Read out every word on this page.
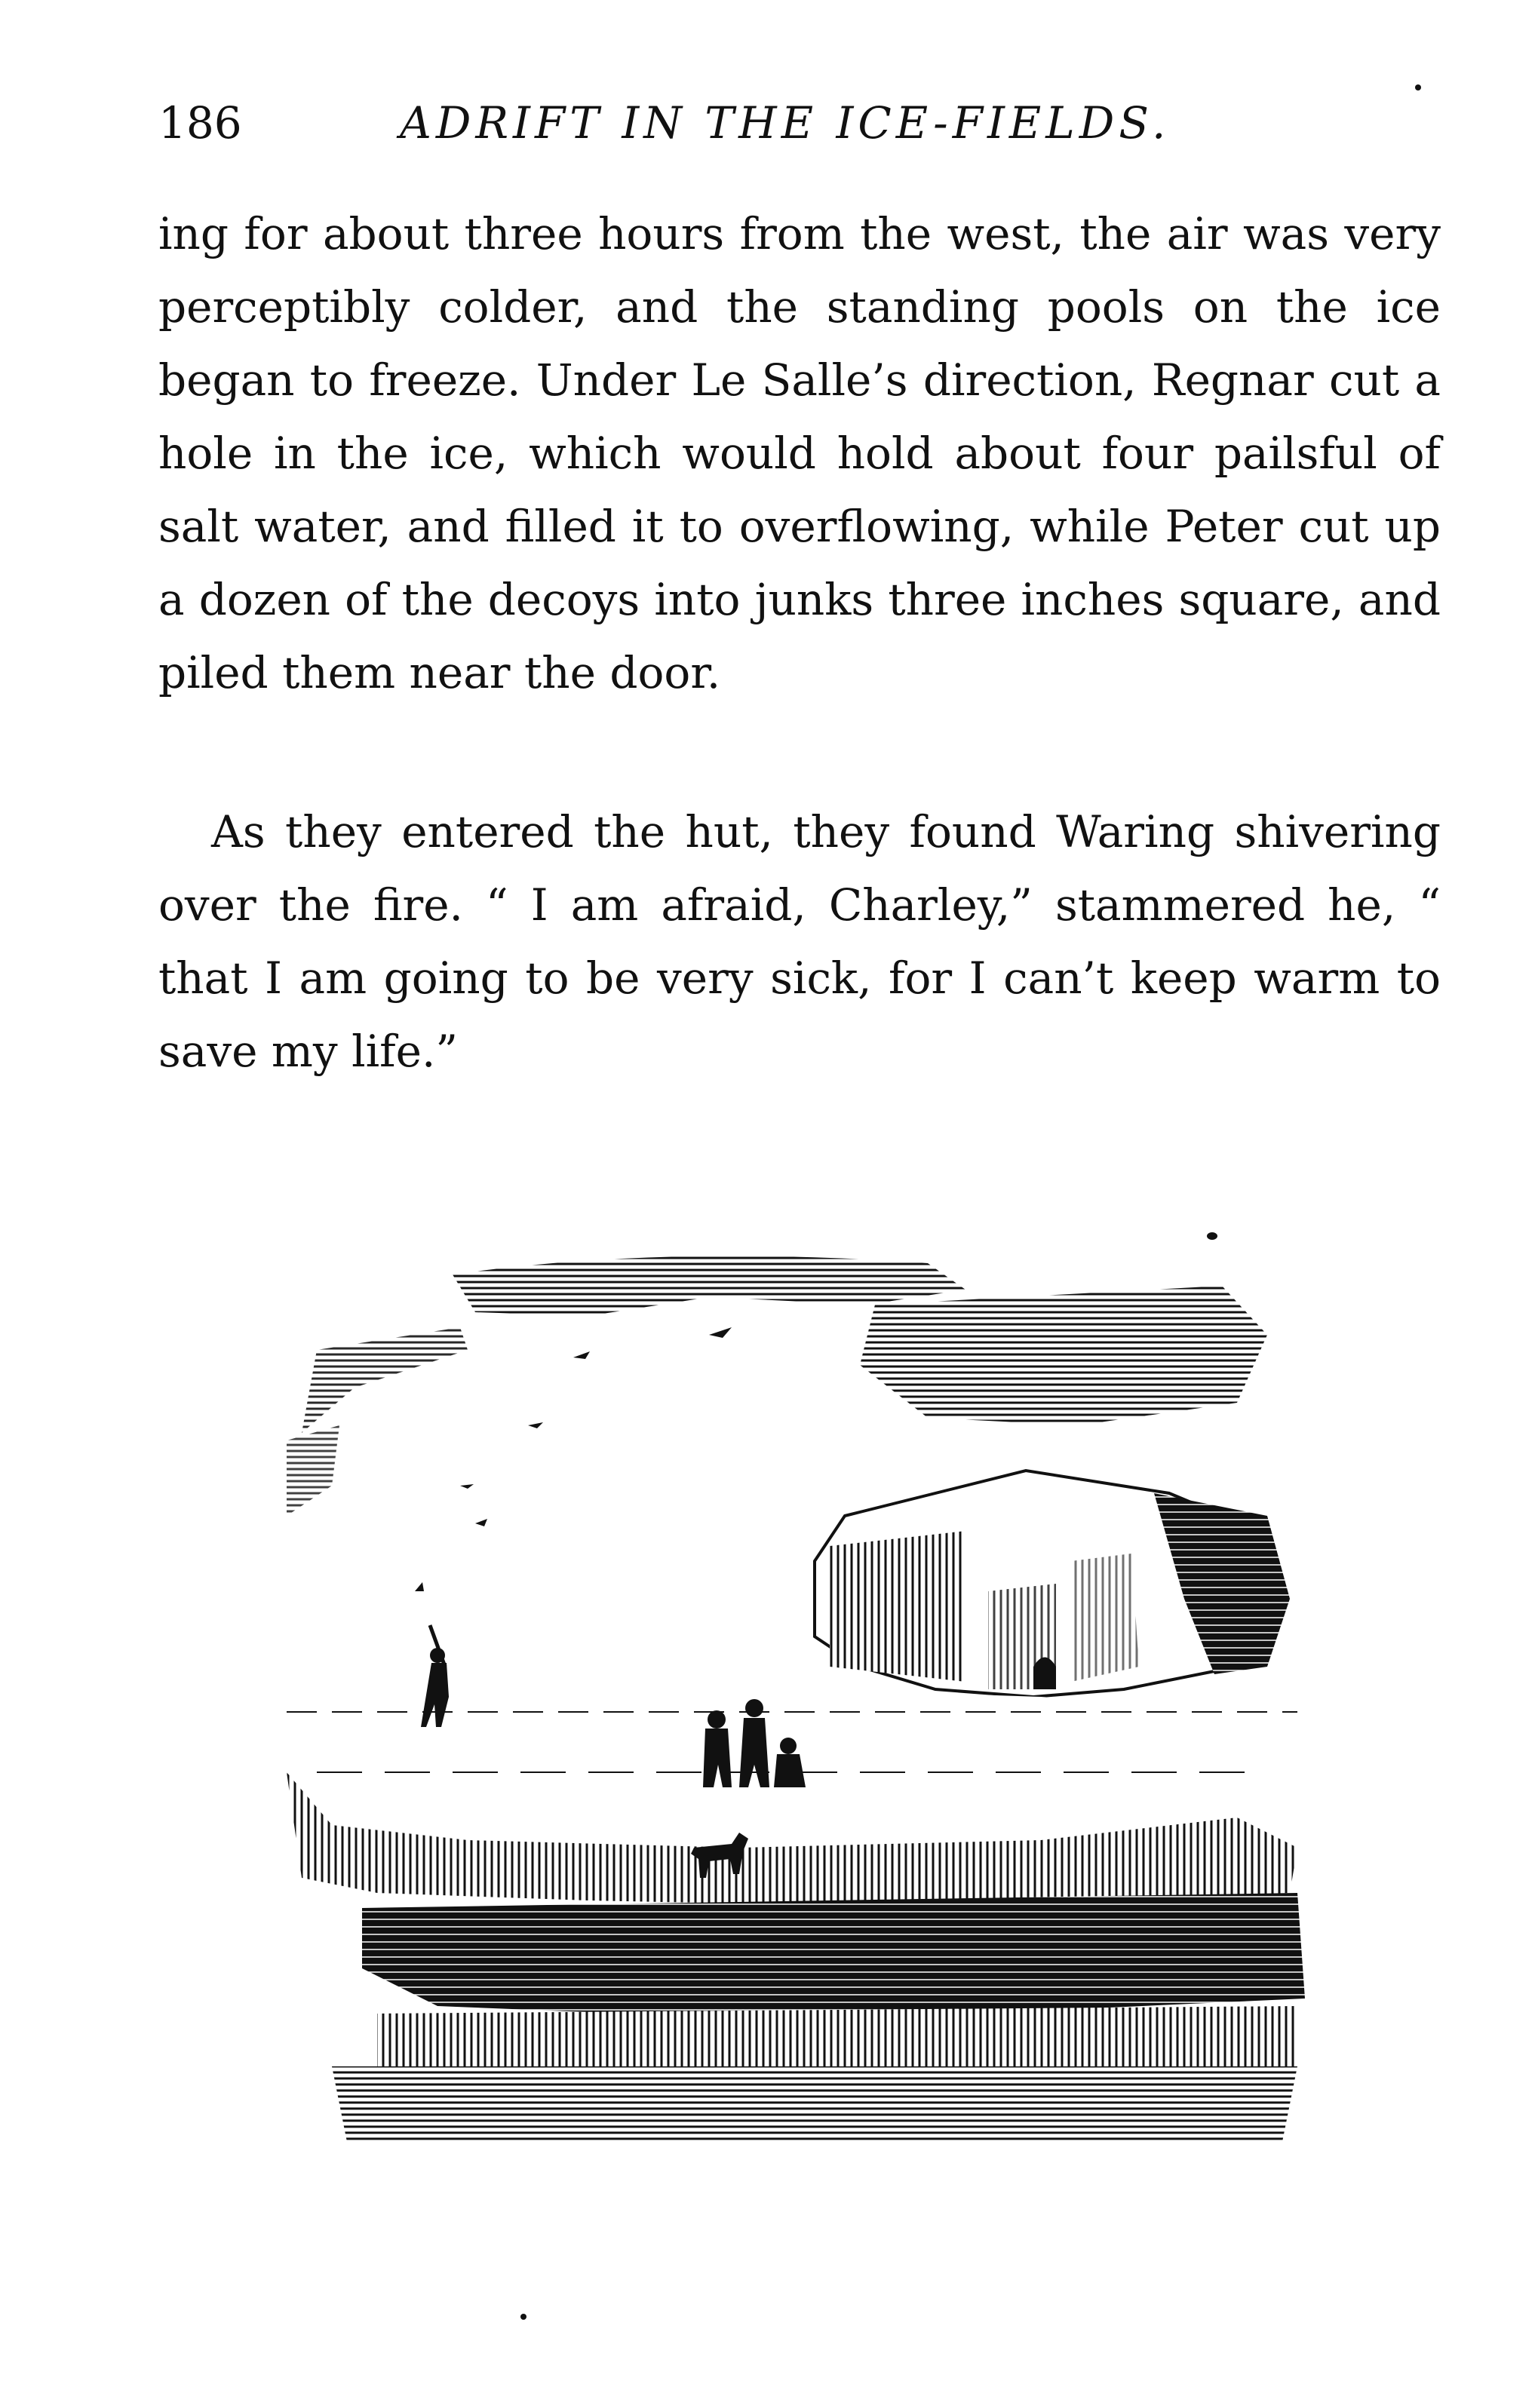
186	ADRIFT IN THE ICE-FIELDS.

ing for about three hours from the west, the air was very perceptibly colder, and the standing pools on the ice began to freeze. Under Le Salle’s direction, Regnar cut a hole in the ice, which would hold about four pailsful of salt water, and filled it to overflowing, while Peter cut up a dozen of the decoys into junks three inches square, and piled them near the door.

As they entered the hut, they found Waring shivering over the fire. “ I am afraid, Charley,” stammered he, “ that I am going to be very sick, for I can’t keep warm to save my life.”
